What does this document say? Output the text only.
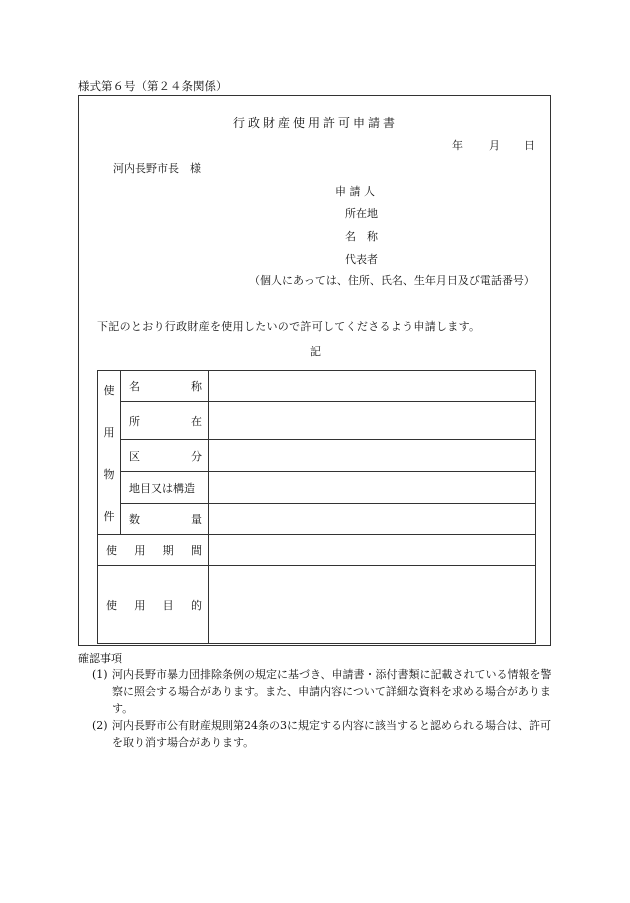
様式第６号（第２４条関係）
行政財産使用許可申請書
年 月 日
河内長野市長　様
申 請 人
所在地
名　称
代表者
（個人にあっては、住所、氏名、生年月日及び電話番号）
下記のとおり行政財産を使用したいので許可してくださるよう申請します。
記
使
用
物
件	名 称	

	所 在	

	区 分	

	地目又は構造	

	数 量	

使 用 期 間		

使 用 目 的		

確認事項
(1) 河内長野市暴力団排除条例の規定に基づき、申請書・添付書類に記載されている情報を警察に照会する場合があります。また、申請内容について詳細な資料を求める場合があります。
(2) 河内長野市公有財産規則第24条の3に規定する内容に該当すると認められる場合は、許可を取り消す場合があります。
